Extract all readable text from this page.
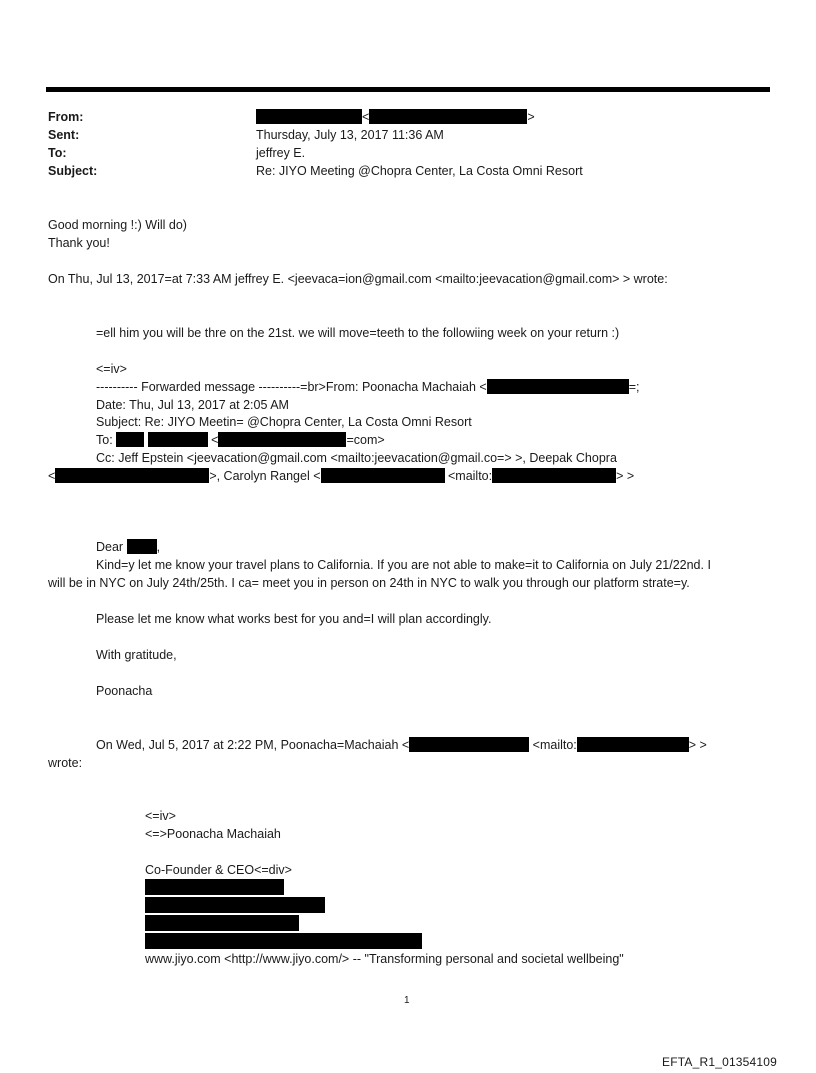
From:	<	>
Sent:	Thursday, July 13, 2017 11:36 AM
To:	jeffrey E.
Subject:	Re: JIYO Meeting @Chopra Center, La Costa Omni Resort
Good morning !:) Will do)
Thank you!
On Thu, Jul 13, 2017=at 7:33 AM jeffrey E. <jeevaca=ion@gmail.com <mailto:jeevacation@gmail.com> > wrote:
=ell him you will be thre on the 21st. we will move=teeth to the followiing week on your return :)
<=iv>
---------- Forwarded message ----------=br>From: Poonacha Machaiah <	=;
Date: Thu, Jul 13, 2017 at 2:05 AM
Subject: Re: JIYO Meetin= @Chopra Center, La Costa Omni Resort
To:	<	=com>
Cc: Jeff Epstein <jeevacation@gmail.com <mailto:jeevacation@gmail.co=> >, Deepak Chopra
<	>, Carolyn Rangel <	<mailto:	> >
Dear	,
Kind=y let me know your travel plans to California. If you are not able to make=it to California on July 21/22nd. I
will be in NYC on July 24th/25th. I ca= meet you in person on 24th in NYC to walk you through our platform strate=y.
Please let me know what works best for you and=I will plan accordingly.
With gratitude,
Poonacha
On Wed, Jul 5, 2017 at 2:22 PM, Poonacha=Machaiah <	<mailto:	> >
wrote:
<=iv>
<=>Poonacha Machaiah
Co-Founder & CEO<=div>
www.jiyo.com <http://www.jiyo.com/> -- "Transforming personal and societal wellbeing"
1
EFTA_R1_01354109
